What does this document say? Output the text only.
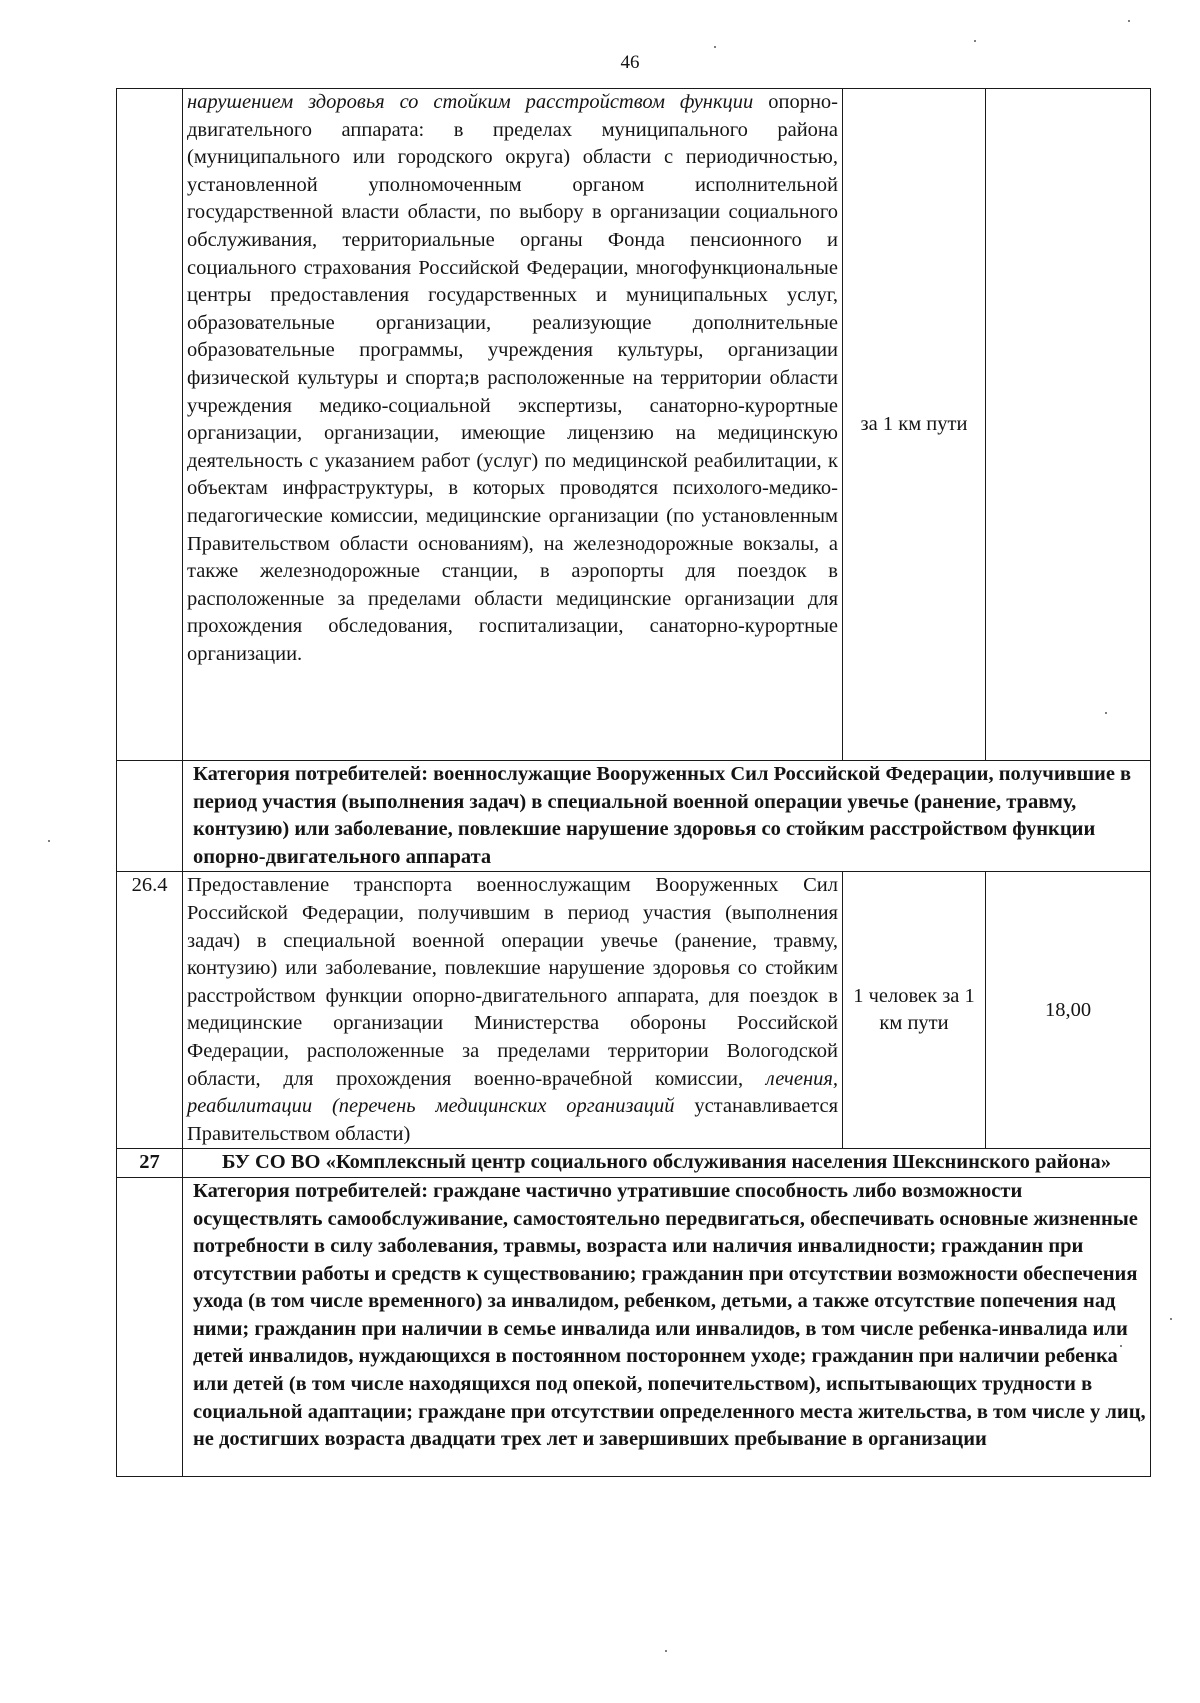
46
	нарушением здоровья со стойким расстройством функции опорно-двигательного аппарата: в пределах муниципального района (муниципального или городского округа) области с периодичностью, установленной уполномоченным органом исполнительной государственной власти области, по выбору в организации социального обслуживания, территориальные органы Фонда пенсионного и социального страхования Российской Федерации, многофункциональные центры предоставления государственных и муниципальных услуг, образовательные организации, реализующие дополнительные образовательные программы, учреждения культуры, организации физической культуры и спорта;в расположенные на территории области учреждения медико-социальной экспертизы, санаторно-курортные организации, организации, имеющие лицензию на медицинскую деятельность с указанием работ (услуг) по медицинской реабилитации, к объектам инфраструктуры, в которых проводятся психолого-медико-педагогические комиссии, медицинские организации (по установленным Правительством области основаниям), на железнодорожные вокзалы, а также железнодорожные станции, в аэропорты для поездок в расположенные за пределами области медицинские организации для прохождения обследования, госпитализации, санаторно-курортные организации.	за 1 км пути	
	Категория потребителей: военнослужащие Вооруженных Сил Российской Федерации, получившие в период участия (выполнения задач) в специальной военной операции увечье (ранение, травму, контузию) или заболевание, повлекшие нарушение здоровья со стойким расстройством функции опорно-двигательного аппарата		
26.4	Предоставление транспорта военнослужащим Вооруженных Сил Российской Федерации, получившим в период участия (выполнения задач) в специальной военной операции увечье (ранение, травму, контузию) или заболевание, повлекшие нарушение здоровья со стойким расстройством функции опорно-двигательного аппарата, для поездок в медицинские организации Министерства обороны Российской Федерации, расположенные за пределами территории Вологодской области, для прохождения военно-врачебной комиссии, лечения, реабилитации (перечень медицинских организаций устанавливается Правительством области)	1 человек за 1 км пути	18,00
27	БУ СО ВО «Комплексный центр социального обслуживания населения Шекснинского района»		
	Категория потребителей: граждане частично утратившие способность либо возможности осуществлять самообслуживание, самостоятельно передвигаться, обеспечивать основные жизненные потребности в силу заболевания, травмы, возраста или наличия инвалидности; гражданин при отсутствии работы и средств к существованию; гражданин при отсутствии возможности обеспечения ухода (в том числе временного) за инвалидом, ребенком, детьми, а также отсутствие попечения над ними; гражданин при наличии в семье инвалида или инвалидов, в том числе ребенка-инвалида или детей инвалидов, нуждающихся в постоянном постороннем уходе; гражданин при наличии ребенка или детей (в том числе находящихся под опекой, попечительством), испытывающих трудности в социальной адаптации; граждане при отсутствии определенного места жительства, в том числе у лиц, не достигших возраста двадцати трех лет и завершивших пребывание в организации		
